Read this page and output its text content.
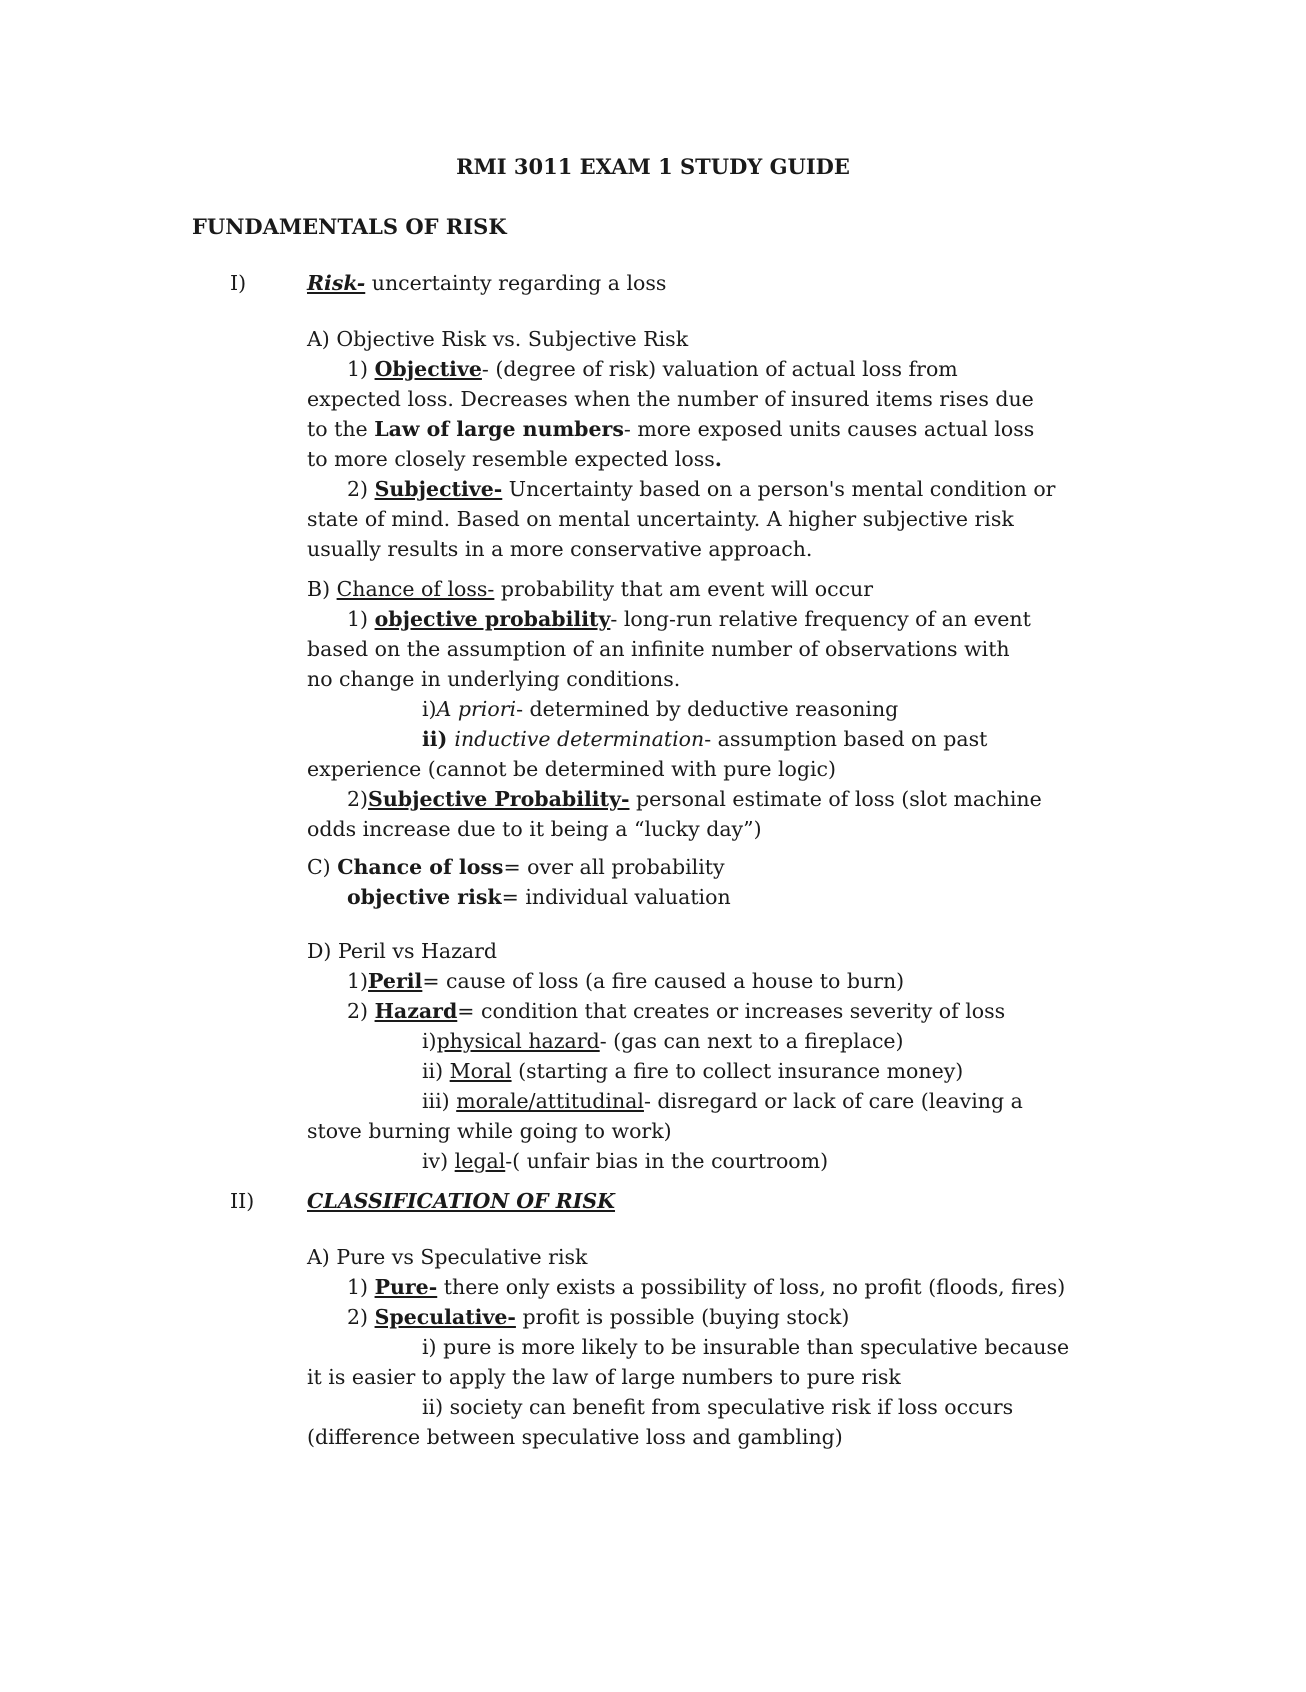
RMI 3011 EXAM 1 STUDY GUIDE
FUNDAMENTALS OF RISK
I)	Risk- uncertainty regarding a loss
A) Objective Risk vs. Subjective Risk
1) Objective- (degree of risk) valuation of actual loss from expected loss. Decreases when the number of insured items rises due to the Law of large numbers- more exposed units causes actual loss to more closely resemble expected loss.
2) Subjective- Uncertainty based on a person's mental condition or state of mind. Based on mental uncertainty. A higher subjective risk usually results in a more conservative approach.
B) Chance of loss- probability that am event will occur
1) objective probability- long-run relative frequency of an event based on the assumption of an infinite number of observations with no change in underlying conditions.
i)A priori- determined by deductive reasoning
ii) inductive determination- assumption based on past
experience (cannot be determined with pure logic)
2)Subjective Probability- personal estimate of loss (slot machine
odds increase due to it being a “lucky day”)
C) Chance of loss= over all probability
objective risk= individual valuation
D) Peril vs Hazard
1)Peril= cause of loss (a fire caused a house to burn)
2) Hazard= condition that creates or increases severity of loss
i)physical hazard- (gas can next to a fireplace)
ii) Moral (starting a fire to collect insurance money)
iii) morale/attitudinal- disregard or lack of care (leaving a
stove burning while going to work)
iv) legal-( unfair bias in the courtroom)
II)	CLASSIFICATION OF RISK
A) Pure vs Speculative risk
1) Pure- there only exists a possibility of loss, no profit (floods, fires)
2) Speculative- profit is possible (buying stock)
i) pure is more likely to be insurable than speculative because
it is easier to apply the law of large numbers to pure risk
ii) society can benefit from speculative risk if loss occurs
(difference between speculative loss and gambling)
